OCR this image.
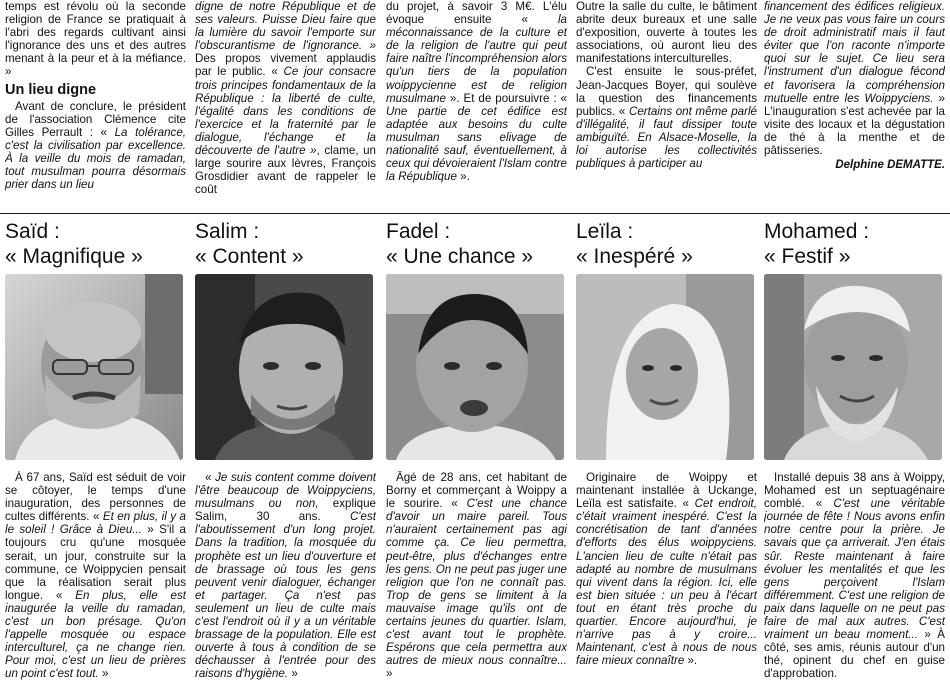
temps est révolu où la seconde religion de France se pratiquait à l'abri des regards cultivant ainsi l'ignorance des uns et des autres menant à la peur et à la méfiance. »

Un lieu digne

Avant de conclure, le président de l'association Clémence cite Gilles Perrault : « La tolérance, c'est la civilisation par excellence. À la veille du mois de ramadan, tout musulman pourra désormais prier dans un lieu

digne de notre République et de ses valeurs. Puisse Dieu faire que la lumière du savoir l'emporte sur l'obscurantisme de l'ignorance. » Des propos vivement applaudis par le public. « Ce jour consacre trois principes fondamentaux de la République : la liberté de culte, l'égalité dans les conditions de l'exercice et la fraternité par le dialogue, l'échange et la découverte de l'autre », clame, un large sourire aux lèvres, François Grosdidier avant de rappeler le coût

du projet, à savoir 3 M€. L'élu évoque ensuite « la méconnaissance de la culture et de la religion de l'autre qui peut faire naître l'incompréhension alors qu'un tiers de la population woippycienne est de religion musulmane ». Et de poursuivre : « Une partie de cet édifice est adaptée aux besoins du culte musulman sans elivage de nationalité sauf, éventuellement, à ceux qui dévoieraient l'Islam contre la République ».

Outre la salle du culte, le bâtiment abrite deux bureaux et une salle d'exposition, ouverte à toutes les associations, où auront lieu des manifestations interculturelles.

C'est ensuite le sous-préfet, Jean-Jacques Boyer, qui soulève la question des financements publics. « Certains ont même parlé d'illégalité, il faut dissiper toute ambiguïté. En Alsace-Moselle, la loi autorise les collectivités publiques à participer au

financement des édifices religieux. Je ne veux pas vous faire un cours de droit administratif mais il faut éviter que l'on raconte n'importe quoi sur le sujet. Ce lieu sera l'instrument d'un dialogue fécond et favorisera la compréhension mutuelle entre les Woippyciens. » L'inauguration s'est achevée par la visite des locaux et la dégustation de thé à la menthe et de pâtisseries.

Delphine DEMATTE.
Saïd :
« Magnifique »
Salim :
« Content »
Fadel :
« Une chance »
Leïla :
« Inespéré »
Mohamed :
« Festif »

À 67 ans, Saïd est séduit de voir se côtoyer, le temps d'une inauguration, des personnes de cultes différents. « Et en plus, il y a le soleil ! Grâce à Dieu... » S'il a toujours cru qu'une mosquée serait, un jour, construite sur la commune, ce Woippycien pensait que la réalisation serait plus longue. « En plus, elle est inaugurée la veille du ramadan, c'est un bon présage. Qu'on l'appelle mosquée ou espace interculturel, ça ne change rien. Pour moi, c'est un lieu de prières un point c'est tout. »

« Je suis content comme doivent l'être beaucoup de Woippyciens, musulmans ou non, explique Salim, 30 ans. C'est l'aboutissement d'un long projet. Dans la tradition, la mosquée du prophète est un lieu d'ouverture et de brassage où tous les gens peuvent venir dialoguer, échanger et partager. Ça n'est pas seulement un lieu de culte mais c'est l'endroit où il y a un véritable brassage de la population. Elle est ouverte à tous à condition de se déchausser à l'entrée pour des raisons d'hygiène. »

Âgé de 28 ans, cet habitant de Borny et commerçant à Woippy a le sourire. « C'est une chance d'avoir un maire pareil. Tous n'auraient certainement pas agi comme ça. Ce lieu permettra, peut-être, plus d'échanges entre les gens. On ne peut pas juger une religion que l'on ne connaît pas. Trop de gens se limitent à la mauvaise image qu'ils ont de certains jeunes du quartier. Islam, c'est avant tout le prophète. Espérons que cela permettra aux autres de mieux nous connaître... »

Originaire de Woippy et maintenant installée à Uckange, Leïla est satisfaite. « Cet endroit, c'était vraiment inespéré. C'est la concrétisation de tant d'années d'efforts des élus woippyciens. L'ancien lieu de culte n'était pas adapté au nombre de musulmans qui vivent dans la région. Ici, elle est bien située : un peu à l'écart tout en étant très proche du quartier. Encore aujourd'hui, je n'arrive pas à y croire... Maintenant, c'est à nous de nous faire mieux connaître ».

Installé depuis 38 ans à Woippy, Mohamed est un septuagénaire comblé. « C'est une véritable journée de fête ! Nous avons enfin notre centre pour la prière. Je savais que ça arriverait. J'en étais sûr. Reste maintenant à faire évoluer les mentalités et que les gens perçoivent l'Islam différemment. C'est une religion de paix dans laquelle on ne peut pas faire de mal aux autres. C'est vraiment un beau moment... » À côté, ses amis, réunis autour d'un thé, opinent du chef en guise d'approbation.
